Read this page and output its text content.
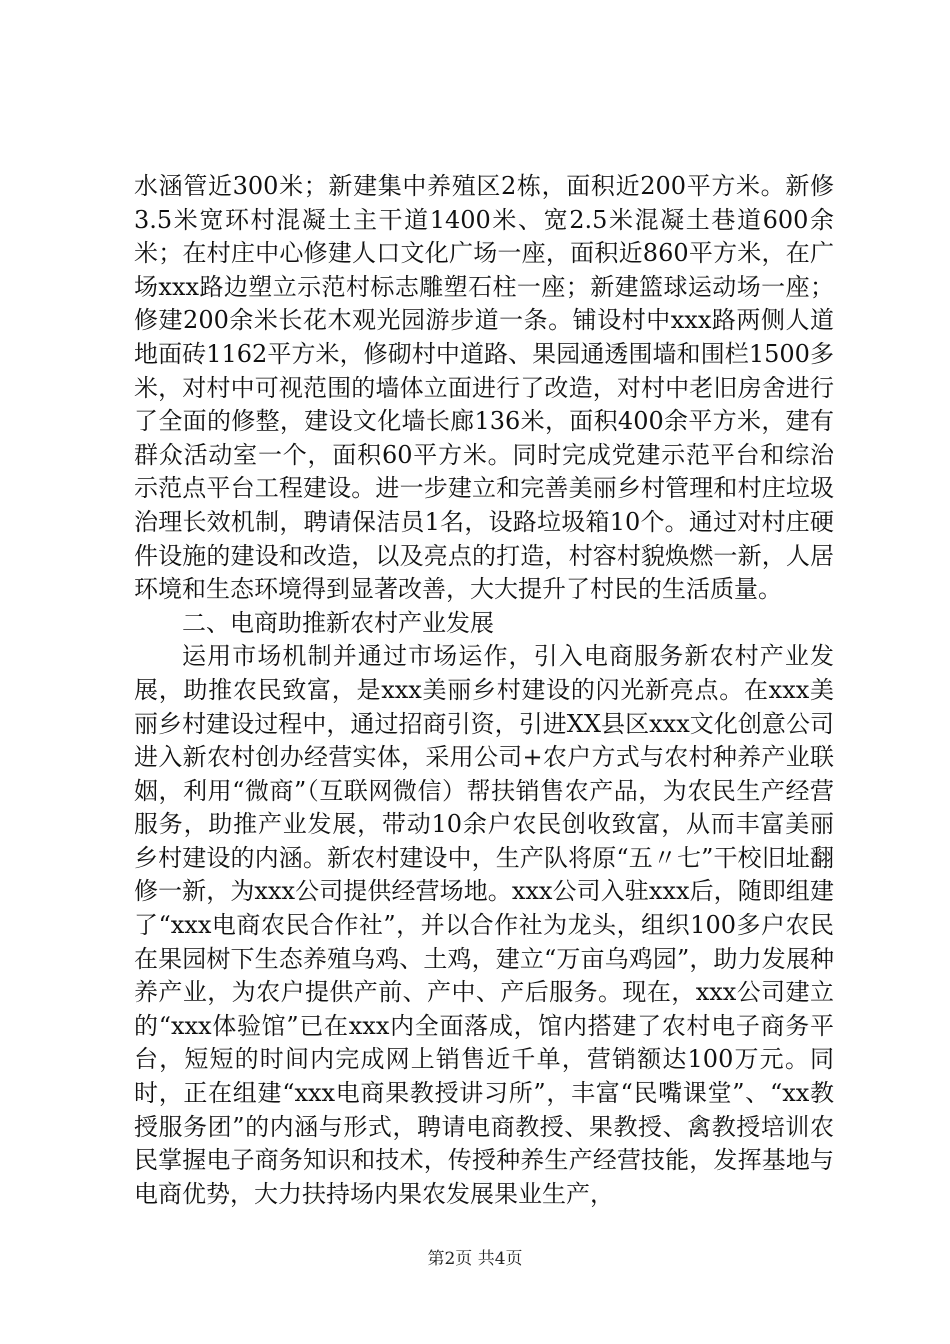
水涵管近300米；新建集中养殖区2栋，面积近200平方米。新修3.5米宽环村混凝土主干道1400米、宽2.5米混凝土巷道600余米；在村庄中心修建人口文化广场一座，面积近860平方米，在广场xxx路边塑立示范村标志雕塑石柱一座；新建篮球运动场一座；修建200余米长花木观光园游步道一条。铺设村中xxx路两侧人道地面砖1162平方米，修砌村中道路、果园通透围墙和围栏1500多米，对村中可视范围的墙体立面进行了改造，对村中老旧房舍进行了全面的修整，建设文化墙长廊136米，面积400余平方米，建有群众活动室一个，面积60平方米。同时完成党建示范平台和综治示范点平台工程建设。进一步建立和完善美丽乡村管理和村庄垃圾治理长效机制，聘请保洁员1名，设路垃圾箱10个。通过对村庄硬件设施的建设和改造，以及亮点的打造，村容村貌焕燃一新，人居环境和生态环境得到显著改善，大大提升了村民的生活质量。

二、电商助推新农村产业发展

运用市场机制并通过市场运作，引入电商服务新农村产业发展，助推农民致富，是xxx美丽乡村建设的闪光新亮点。在xxx美丽乡村建设过程中，通过招商引资，引进XX县区xxx文化创意公司进入新农村创办经营实体，采用公司+农户方式与农村种养产业联姻，利用“微商”（互联网微信）帮扶销售农产品，为农民生产经营服务，助推产业发展，带动10余户农民创收致富，从而丰富美丽乡村建设的内涵。新农村建设中，生产队将原“五〃七”干校旧址翻修一新，为xxx公司提供经营场地。xxx公司入驻xxx后，随即组建了“xxx电商农民合作社”，并以合作社为龙头，组织100多户农民在果园树下生态养殖乌鸡、土鸡，建立“万亩乌鸡园”，助力发展种养产业，为农户提供产前、产中、产后服务。现在，xxx公司建立的“xxx体验馆”已在xxx内全面落成，馆内搭建了农村电子商务平台，短短的时间内完成网上销售近千单，营销额达100万元。同时，正在组建“xxx电商果教授讲习所”，丰富“民嘴课堂”、“xx教授服务团”的内涵与形式，聘请电商教授、果教授、禽教授培训农民掌握电子商务知识和技术，传授种养生产经营技能，发挥基地与电商优势，大力扶持场内果农发展果业生产，

第2页 共4页
